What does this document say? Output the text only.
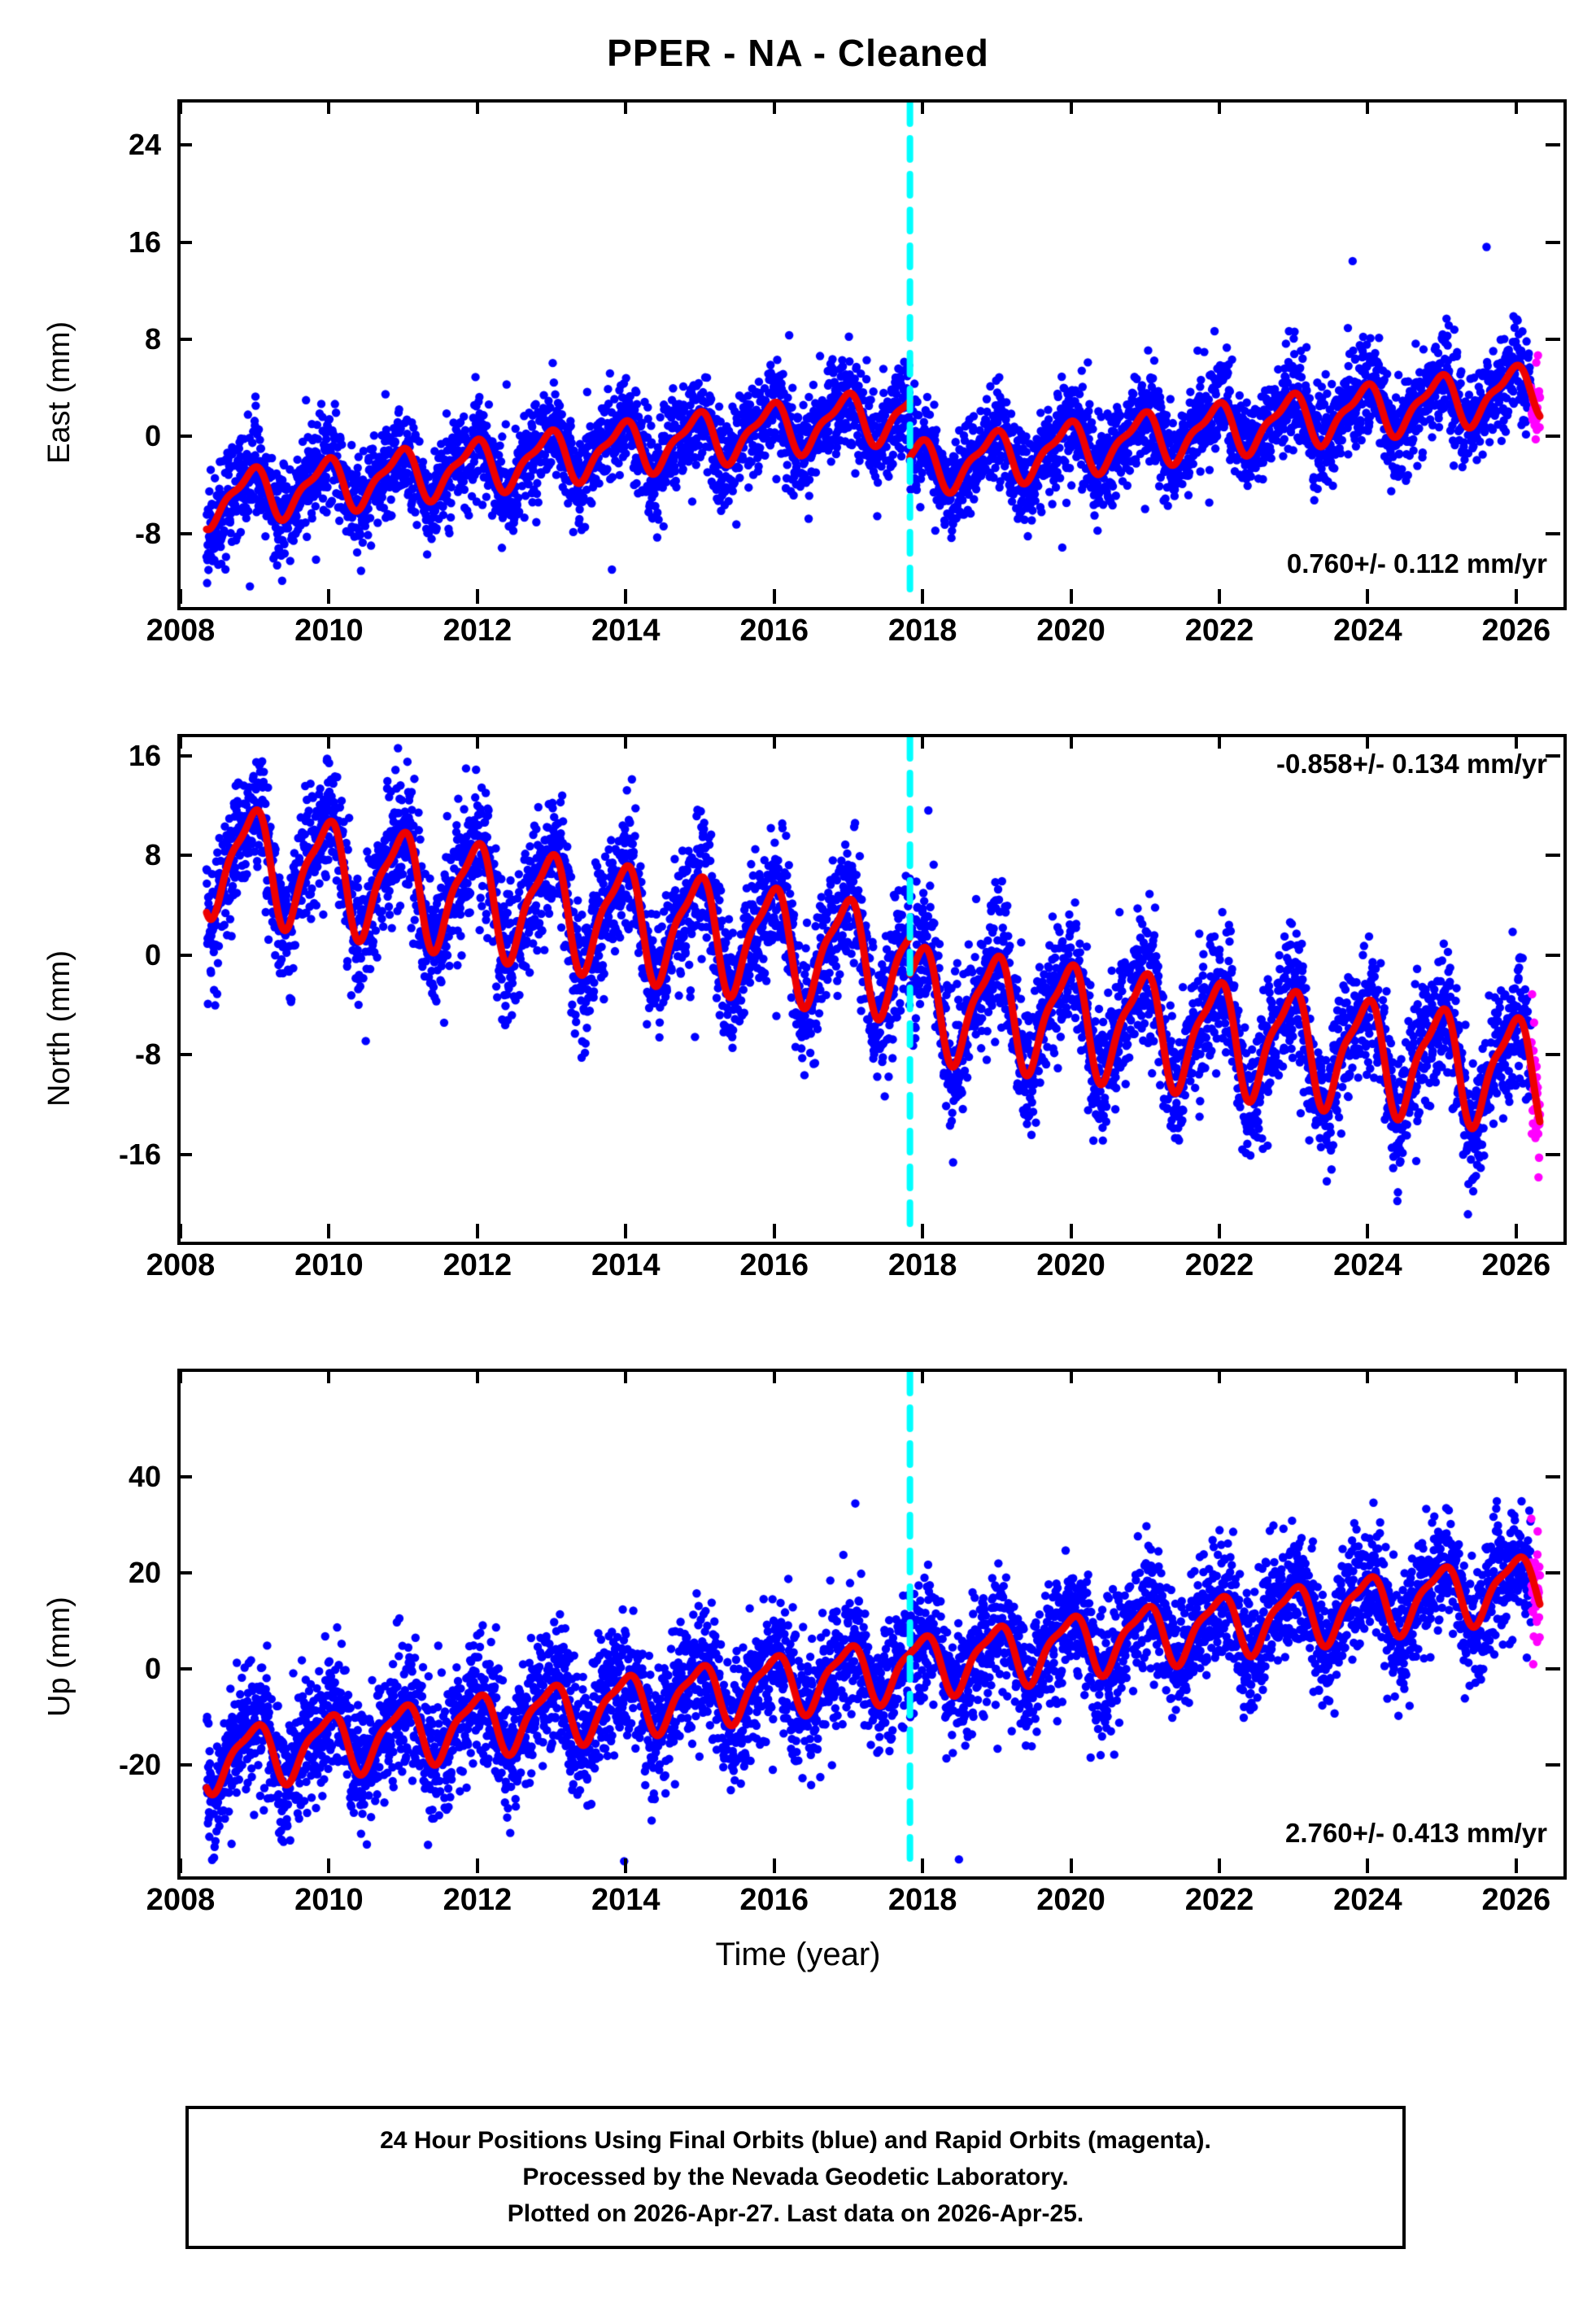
PPER - NA - Cleaned
East (mm)
-8
0
8
16
24
2008	2010	2012	2014	2016	2018	2020	2022	2024	2026
0.760+/- 0.112 mm/yr
North (mm)
-16
-8
0
8
16
2008	2010	2012	2014	2016	2018	2020	2022	2024	2026
-0.858+/- 0.134 mm/yr
Up (mm)
-20
0
20
40
2008	2010	2012	2014	2016	2018	2020	2022	2024	2026
2.760+/- 0.413 mm/yr
Time (year)
24 Hour Positions Using Final Orbits (blue) and Rapid Orbits (magenta).
Processed by the Nevada Geodetic Laboratory.
Plotted on 2026-Apr-27. Last data on 2026-Apr-25.
